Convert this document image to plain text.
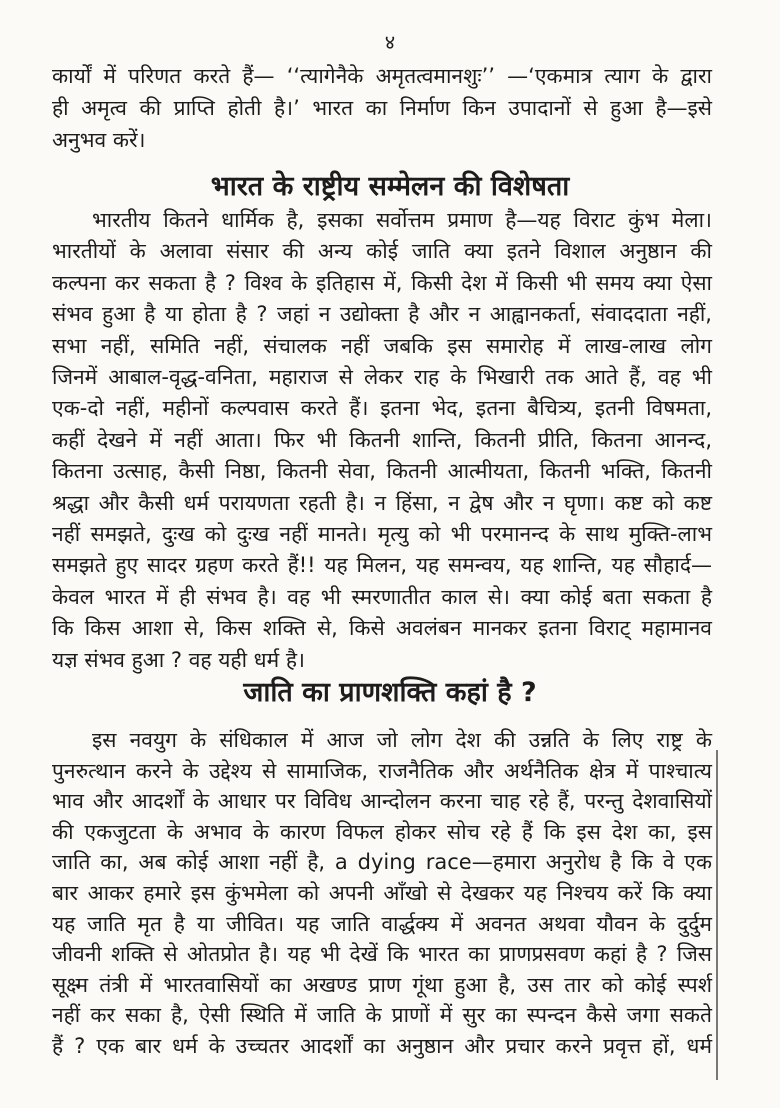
४
कार्यों में परिणत करते हैं— ‘‘त्यागेनैके अमृतत्वमानशुः’’ —‘एकमात्र त्याग के द्वारा
ही अमृत्व की प्राप्ति होती है।’ भारत का निर्माण किन उपादानों से हुआ है—इसे
अनुभव करें।
भारत के राष्ट्रीय सम्मेलन की विशेषता
भारतीय कितने धार्मिक है, इसका सर्वोत्तम प्रमाण है—यह विराट कुंभ मेला।
भारतीयों के अलावा संसार की अन्य कोई जाति क्या इतने विशाल अनुष्ठान की
कल्पना कर सकता है ? विश्व के इतिहास में, किसी देश में किसी भी समय क्या ऐसा
संभव हुआ है या होता है ? जहां न उद्योक्ता है और न आह्वानकर्ता, संवाददाता नहीं,
सभा नहीं, समिति नहीं, संचालक नहीं जबकि इस समारोह में लाख-लाख लोग
जिनमें आबाल-वृद्ध-वनिता, महाराज से लेकर राह के भिखारी तक आते हैं, वह भी
एक-दो नहीं, महीनों कल्पवास करते हैं। इतना भेद, इतना बैचित्र्य, इतनी विषमता,
कहीं देखने में नहीं आता। फिर भी कितनी शान्ति, कितनी प्रीति, कितना आनन्द,
कितना उत्साह, कैसी निष्ठा, कितनी सेवा, कितनी आत्मीयता, कितनी भक्ति, कितनी
श्रद्धा और कैसी धर्म परायणता रहती है। न हिंसा, न द्वेष और न घृणा। कष्ट को कष्ट
नहीं समझते, दुःख को दुःख नहीं मानते। मृत्यु को भी परमानन्द के साथ मुक्ति-लाभ
समझते हुए सादर ग्रहण करते हैं!! यह मिलन, यह समन्वय, यह शान्ति, यह सौहार्द—
केवल भारत में ही संभव है। वह भी स्मरणातीत काल से। क्या कोई बता सकता है
कि किस आशा से, किस शक्ति से, किसे अवलंबन मानकर इतना विराट् महामानव
यज्ञ संभव हुआ ? वह यही धर्म है।
जाति का प्राणशक्ति कहां है ?
इस नवयुग के संधिकाल में आज जो लोग देश की उन्नति के लिए राष्ट्र के
पुनरुत्थान करने के उद्देश्य से सामाजिक, राजनैतिक और अर्थनैतिक क्षेत्र में पाश्चात्य
भाव और आदर्शों के आधार पर विविध आन्दोलन करना चाह रहे हैं, परन्तु देशवासियों
की एकजुटता के अभाव के कारण विफल होकर सोच रहे हैं कि इस देश का, इस
जाति का, अब कोई आशा नहीं है, a dying race—हमारा अनुरोध है कि वे एक
बार आकर हमारे इस कुंभमेला को अपनी आँखो से देखकर यह निश्चय करें कि क्या
यह जाति मृत है या जीवित। यह जाति वार्द्धक्य में अवनत अथवा यौवन के दुर्दुम
जीवनी शक्ति से ओतप्रोत है। यह भी देखें कि भारत का प्राणप्रसवण कहां है ? जिस
सूक्ष्म तंत्री में भारतवासियों का अखण्ड प्राण गूंथा हुआ है, उस तार को कोई स्पर्श
नहीं कर सका है, ऐसी स्थिति में जाति के प्राणों में सुर का स्पन्दन कैसे जगा सकते
हैं ? एक बार धर्म के उच्चतर आदर्शों का अनुष्ठान और प्रचार करने प्रवृत्त हों, धर्म
